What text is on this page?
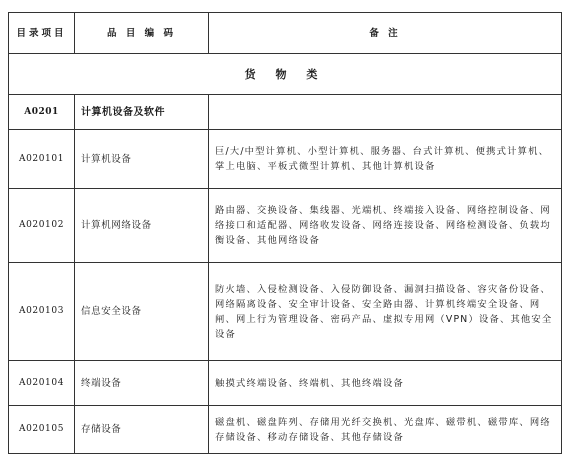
目录项目	品 目 编 码	备 注
货 物 类		
A0201	计算机设备及软件	
A020101	计算机设备	巨/大/中型计算机、小型计算机、服务器、台式计算机、便携式计算机、掌上电脑、平板式微型计算机、其他计算机设备
A020102	计算机网络设备	路由器、交换设备、集线器、光端机、终端接入设备、网络控制设备、网络接口和适配器、网络收发设备、网络连接设备、网络检测设备、负载均衡设备、其他网络设备
A020103	信息安全设备	防火墙、入侵检测设备、入侵防御设备、漏洞扫描设备、容灾备份设备、网络隔离设备、安全审计设备、安全路由器、计算机终端安全设备、网闸、网上行为管理设备、密码产品、虚拟专用网（VPN）设备、其他安全设备
A020104	终端设备	触摸式终端设备、终端机、其他终端设备
A020105	存储设备	磁盘机、磁盘阵列、存储用光纤交换机、光盘库、磁带机、磁带库、网络存储设备、移动存储设备、其他存储设备
